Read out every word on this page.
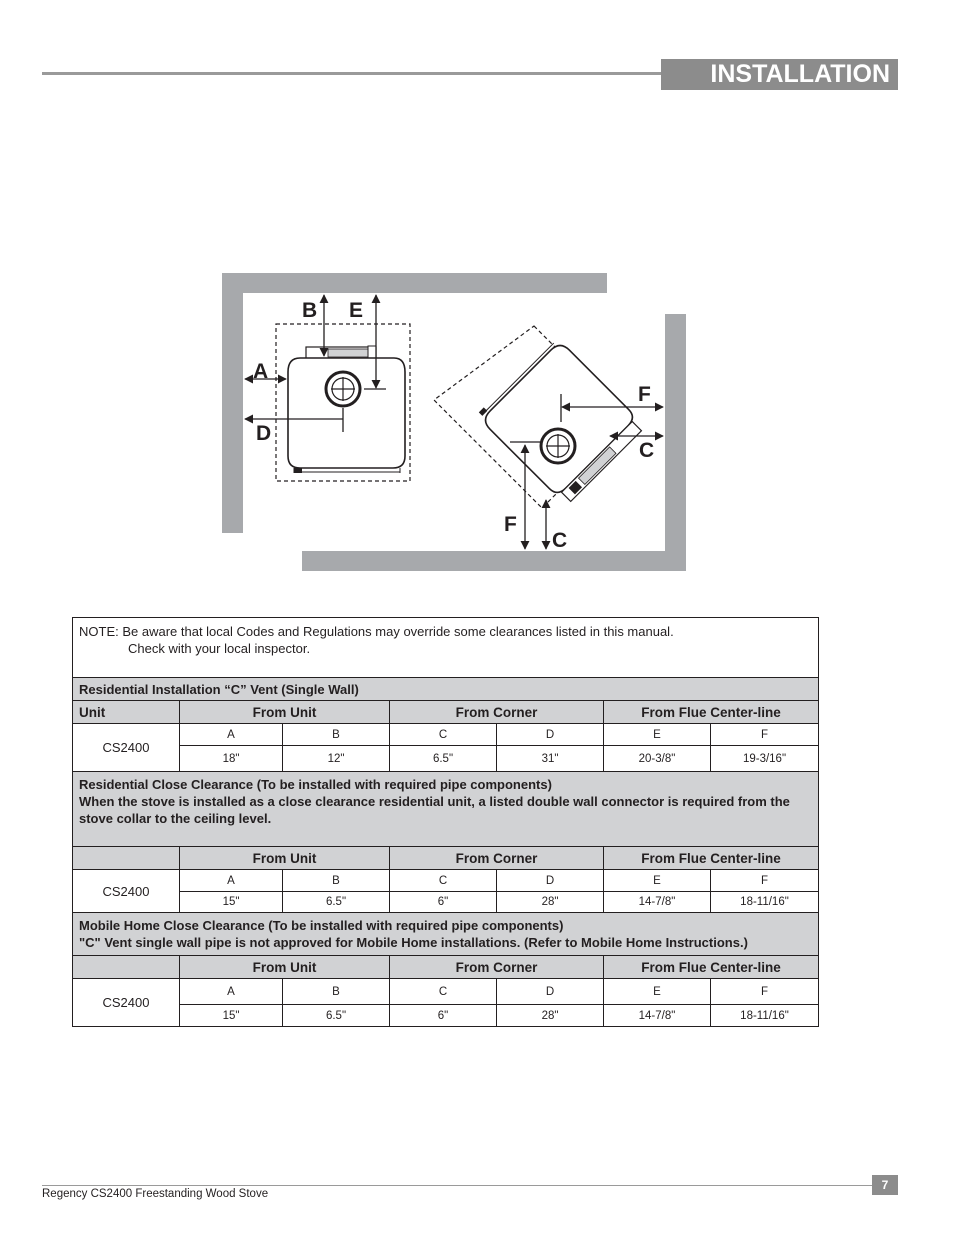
INSTALLATION
A
D
B E
F
C
F
C
NOTE: Be aware that local Codes and Regulations may override some clearances listed in this manual.
Check with your local inspector.						

Residential Installation “C” Vent (Single Wall)						
Unit	From Unit		From Corner		From Flue Center-line	
CS2400	A	B	C	D	E	F
	18"	12"	6.5"	31"	20-3/8"	19-3/16"

Residential Close Clearance (To be installed with required pipe components)
When the stove is installed as a close clearance residential unit, a listed double wall connector is required from the stove collar to the ceiling level.						

	From Unit		From Corner		From Flue Center-line	
CS2400	A	B	C	D	E	F
	15"	6.5"	6"	28"	14-7/8"	18-11/16"

Mobile Home Close Clearance (To be installed with required pipe components)
"C" Vent single wall pipe is not approved for Mobile Home installations. (Refer to Mobile Home Instructions.)						

	From Unit		From Corner		From Flue Center-line	
CS2400	A	B	C	D	E	F
	15"	6.5"	6"	28"	14-7/8"	18-11/16"
Regency CS2400 Freestanding Wood Stove
7
